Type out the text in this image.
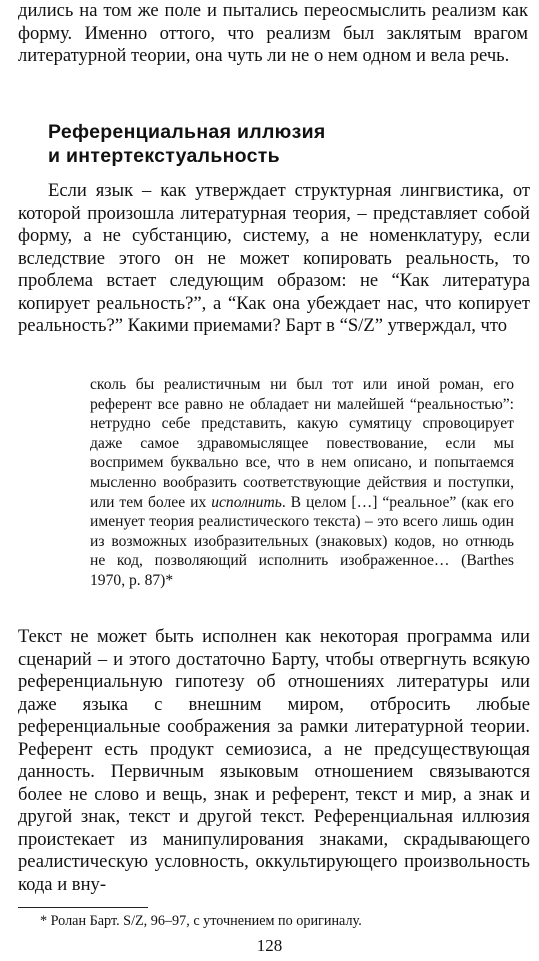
дились на том же поле и пытались переосмыслить реализм как форму. Именно оттого, что реализм был заклятым врагом литературной теории, она чуть ли не о нем одном и вела речь.

Референциальная иллюзия
и интертекстуальность

Если язык – как утверждает структурная лингвистика, от которой произошла литературная теория, – представляет собой форму, а не субстанцию, систему, а не номенклатуру, если вследствие этого он не может копировать реальность, то проблема встает следующим образом: не “Как литература копирует реальность?”, а “Как она убеждает нас, что копирует реальность?” Какими приемами? Барт в “S/Z” утверждал, что

сколь бы реалистичным ни был тот или иной роман, его референт все равно не обладает ни малейшей “реальностью”: нетрудно себе представить, какую сумятицу спровоцирует даже самое здравомыслящее повествование, если мы воспримем буквально все, что в нем описано, и попытаемся мысленно вообразить соответствующие действия и поступки, или тем более их исполнить. В целом […] “реальное” (как его именует теория реалистического текста) – это всего лишь один из возможных изобразительных (знаковых) кодов, но отнюдь не код, позволяющий исполнить изображенное… (Barthes 1970, p. 87)*

Текст не может быть исполнен как некоторая программа или сценарий – и этого достаточно Барту, чтобы отвергнуть всякую референциальную гипотезу об отношениях литературы или даже языка с внешним миром, отбросить любые референциальные соображения за рамки литературной теории. Референт есть продукт семиозиса, а не предсуществующая данность. Первичным языковым отношением связываются более не слово и вещь, знак и референт, текст и мир, а знак и другой знак, текст и другой текст. Референциальная иллюзия проистекает из манипулирования знаками, скрадывающего реалистическую условность, оккультирующего произвольность кода и вну-

* Ролан Барт. S/Z, 96–97, с уточнением по оригиналу.

128
